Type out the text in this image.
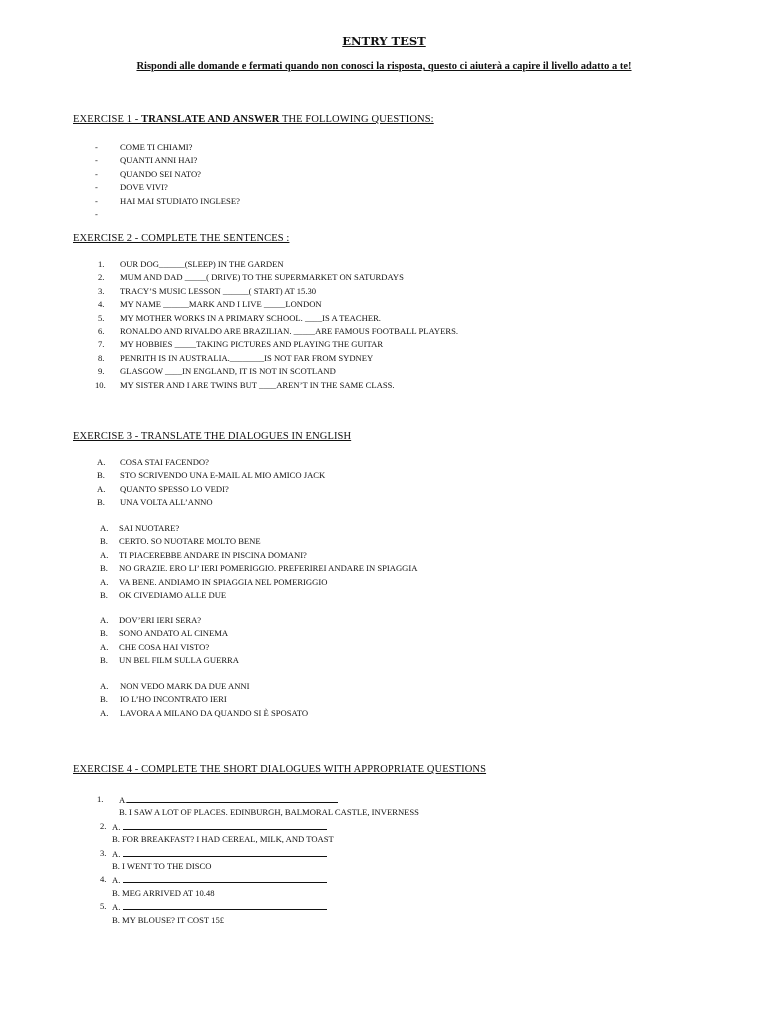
ENTRY TEST
Rispondi alle domande e fermati quando non conosci la risposta, questo ci aiuterà a capire il livello adatto a te!
EXERCISE 1 - TRANSLATE AND ANSWER THE FOLLOWING QUESTIONS:
-	COME TI CHIAMI?
-	QUANTI ANNI HAI?
-	QUANDO SEI NATO?
-	DOVE VIVI?
-	HAI MAI STUDIATO INGLESE?
-
EXERCISE 2 - COMPLETE THE SENTENCES :
1. OUR DOG______(SLEEP) IN THE GARDEN
2. MUM AND DAD _____( DRIVE) TO THE SUPERMARKET ON SATURDAYS
3. TRACY’S MUSIC LESSON ______( START) AT 15.30
4. MY NAME ______MARK AND I LIVE _____LONDON
5. MY MOTHER WORKS IN A PRIMARY SCHOOL. ____IS A TEACHER.
6. RONALDO AND RIVALDO ARE BRAZILIAN. _____ARE FAMOUS FOOTBALL PLAYERS.
7. MY HOBBIES _____TAKING PICTURES AND PLAYING THE GUITAR
8. PENRITH IS IN AUSTRALIA.________IS NOT FAR FROM SYDNEY
9. GLASGOW ____IN ENGLAND, IT IS NOT IN SCOTLAND
10. MY SISTER AND I ARE TWINS BUT ____AREN’T IN THE SAME CLASS.
EXERCISE 3 - TRANSLATE THE DIALOGUES IN ENGLISH
A. COSA STAI FACENDO?
B. STO SCRIVENDO UNA E-MAIL AL MIO AMICO JACK
A. QUANTO SPESSO LO VEDI?
B. UNA VOLTA ALL’ANNO
A. SAI NUOTARE?
B. CERTO. SO NUOTARE MOLTO BENE
A. TI PIACEREBBE ANDARE IN PISCINA DOMANI?
B. NO GRAZIE. ERO LI’ IERI POMERIGGIO. PREFERIREI ANDARE IN SPIAGGIA
A. VA BENE. ANDIAMO IN SPIAGGIA NEL POMERIGGIO
B. OK CIVEDIAMO ALLE DUE
A. DOV’ERI IERI SERA?
B. SONO ANDATO AL CINEMA
A. CHE COSA HAI VISTO?
B. UN BEL FILM SULLA GUERRA
A. NON VEDO MARK DA DUE ANNI
B. IO L’HO INCONTRATO IERI
A. LAVORA A MILANO DA QUANDO SI È SPOSATO
EXERCISE 4 - COMPLETE THE SHORT DIALOGUES WITH APPROPRIATE QUESTIONS
1. A.
B. I SAW A LOT OF PLACES. EDINBURGH, BALMORAL CASTLE, INVERNESS
2. A.
B. FOR BREAKFAST? I HAD CEREAL, MILK, AND TOAST
3. A.
B. I WENT TO THE DISCO
4. A.
B. MEG ARRIVED AT 10.48
5. A.
B. MY BLOUSE? IT COST 15£
